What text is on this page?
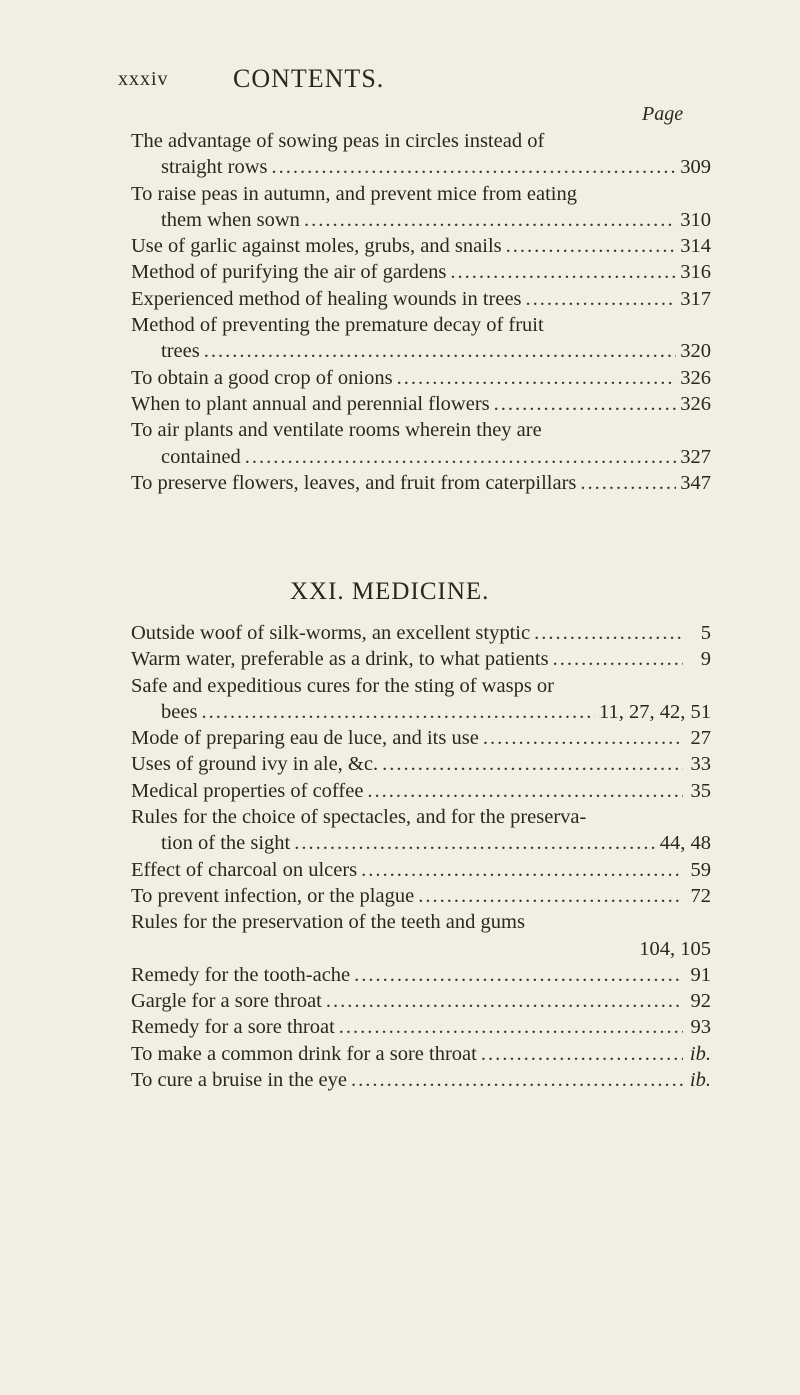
xxxiv CONTENTS.
Page
The advantage of sowing peas in circles instead of
straight rows .....	309
To raise peas in autumn, and prevent mice from eating
them when sown .....	310
Use of garlic against moles, grubs, and snails .....	314
Method of purifying the air of gardens .....	316
Experienced method of healing wounds in trees .....	317
Method of preventing the premature decay of fruit
trees .....	320
To obtain a good crop of onions .....	326
When to plant annual and perennial flowers .....	326
To air plants and ventilate rooms wherein they are
contained .....	327
To preserve flowers, leaves, and fruit from caterpillars .....	347
XXI. MEDICINE.
Outside woof of silk-worms, an excellent styptic .....	5
Warm water, preferable as a drink, to what patients .....	9
Safe and expeditious cures for the sting of wasps or
bees .....	11, 27, 42, 51
Mode of preparing eau de luce, and its use .....	27
Uses of ground ivy in ale, &c. .....	33
Medical properties of coffee .....	35
Rules for the choice of spectacles, and for the preserva-
tion of the sight .....	44, 48
Effect of charcoal on ulcers .....	59
To prevent infection, or the plague .....	72
Rules for the preservation of the teeth and gums
104, 105
Remedy for the tooth-ache .....	91
Gargle for a sore throat .....	92
Remedy for a sore throat .....	93
To make a common drink for a sore throat .....	ib.
To cure a bruise in the eye .....	ib.
